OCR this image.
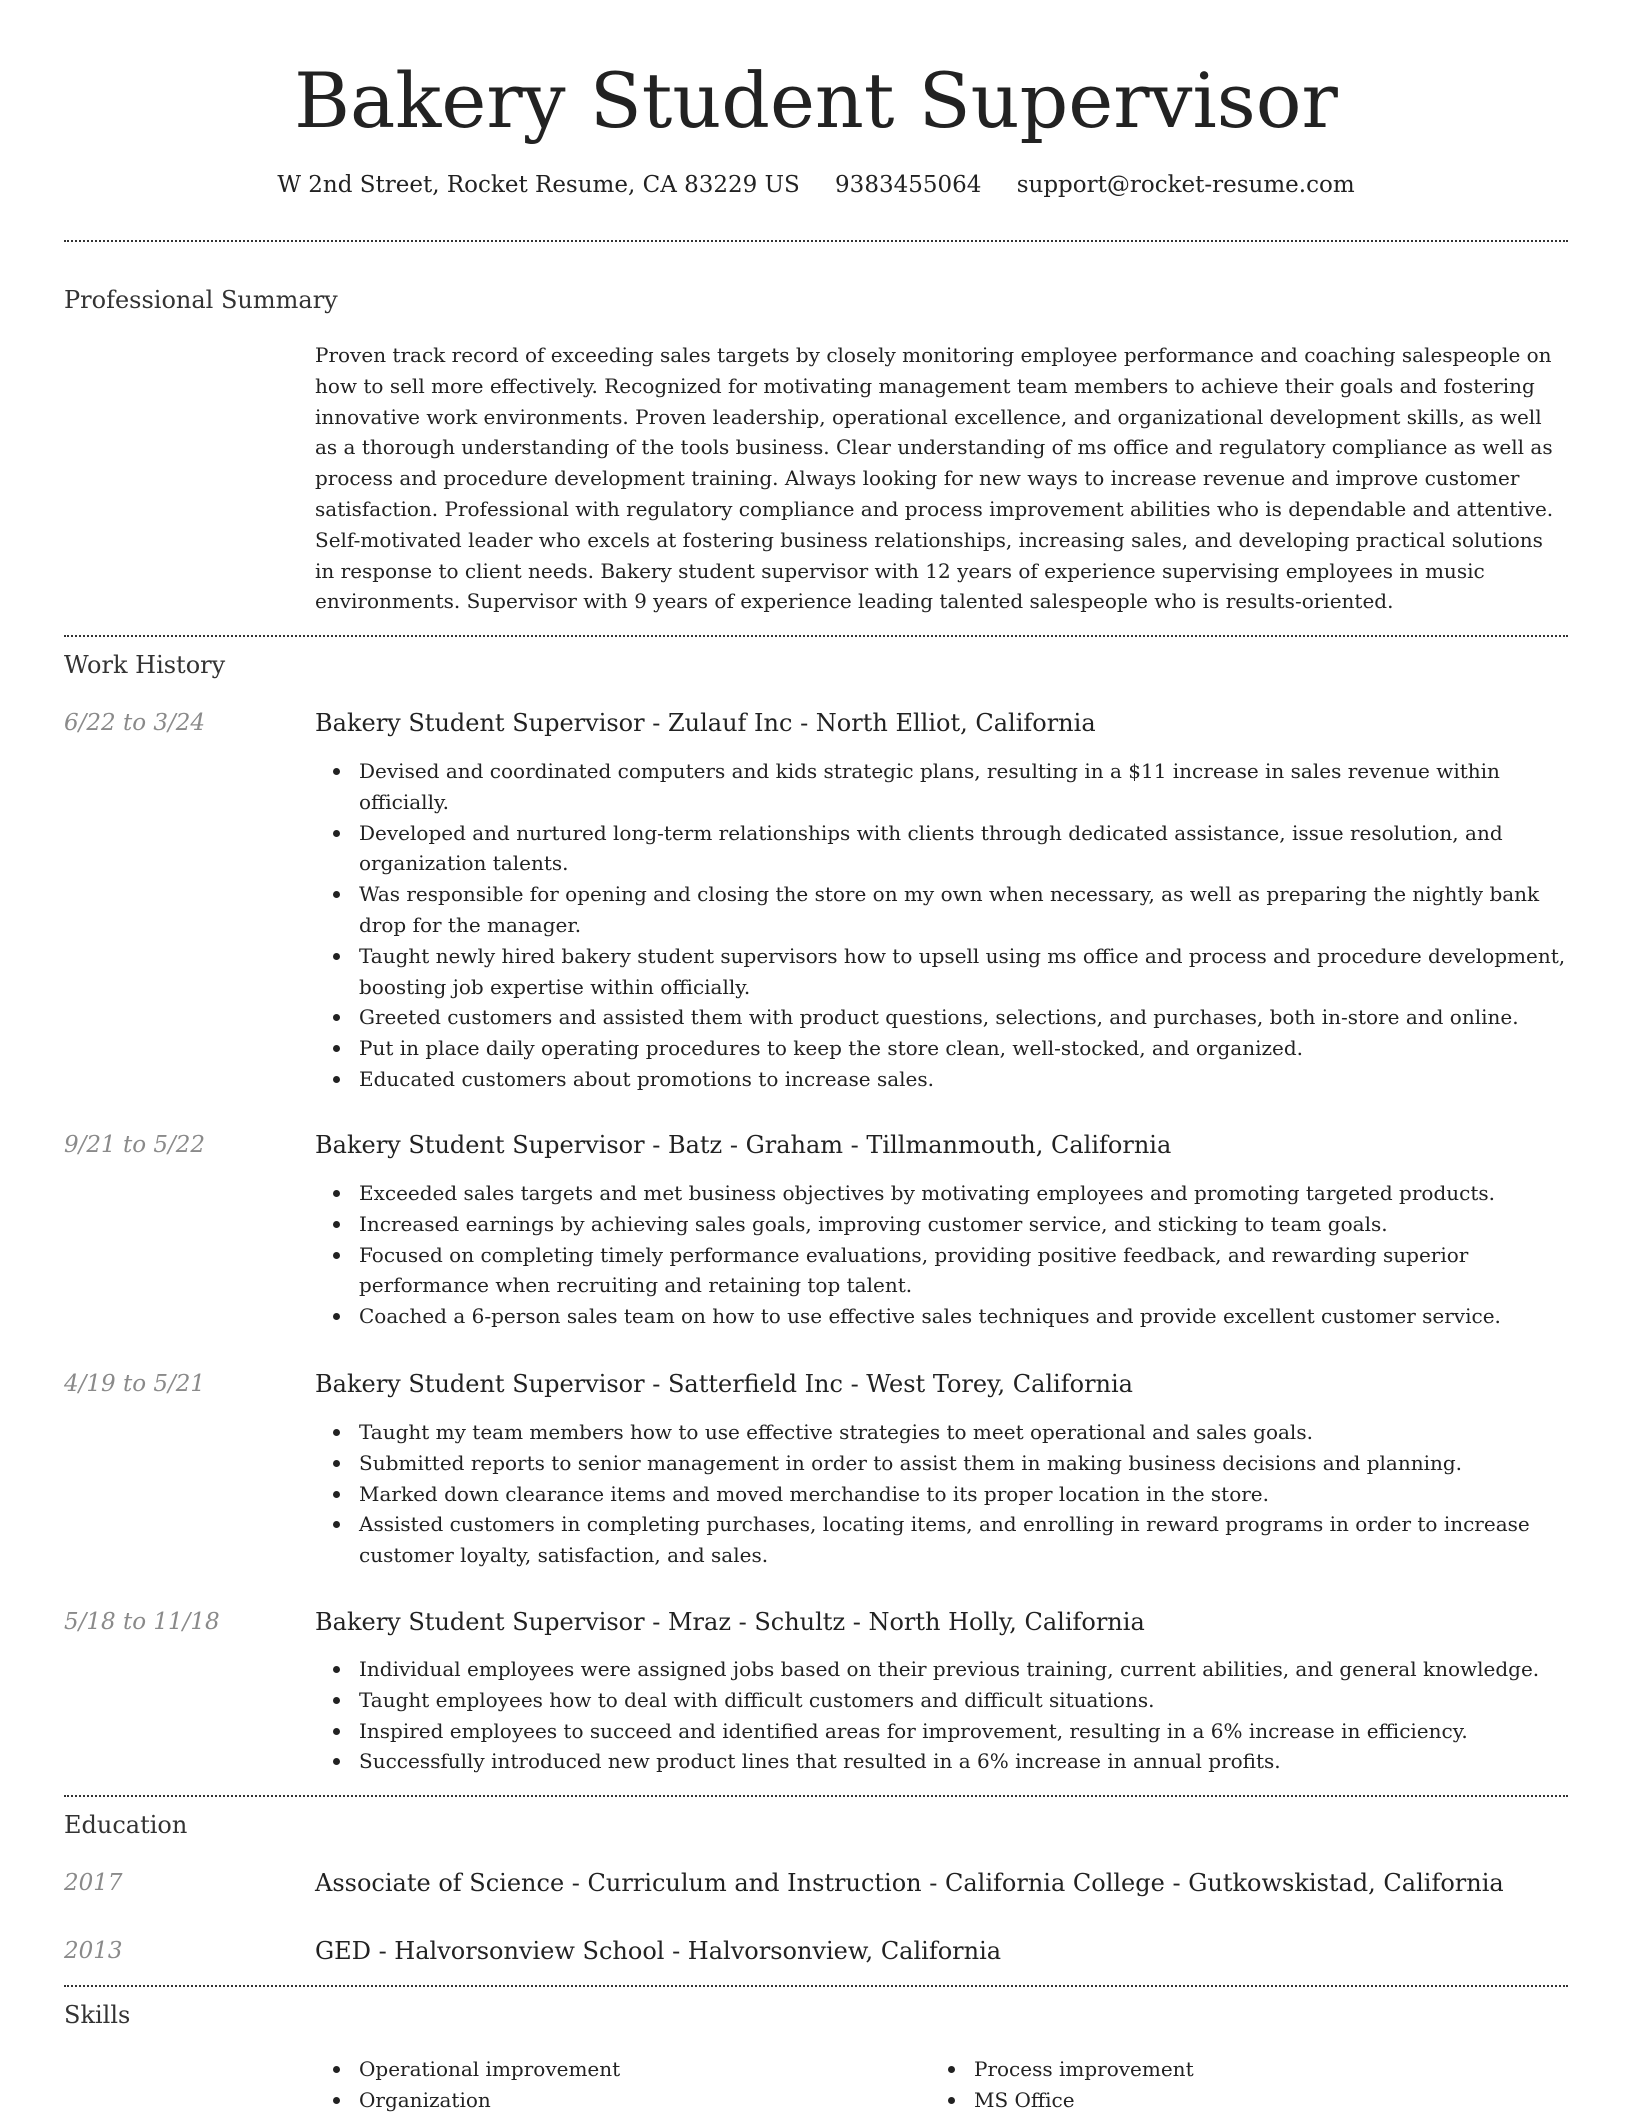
Bakery Student Supervisor
W 2nd Street, Rocket Resume, CA 83229 US 9383455064 support@rocket-resume.com
Professional Summary
Proven track record of exceeding sales targets by closely monitoring employee performance and coaching salespeople on how to sell more effectively. Recognized for motivating management team members to achieve their goals and fostering innovative work environments. Proven leadership, operational excellence, and organizational development skills, as well as a thorough understanding of the tools business. Clear understanding of ms office and regulatory compliance as well as process and procedure development training. Always looking for new ways to increase revenue and improve customer satisfaction. Professional with regulatory compliance and process improvement abilities who is dependable and attentive. Self-motivated leader who excels at fostering business relationships, increasing sales, and developing practical solutions in response to client needs. Bakery student supervisor with 12 years of experience supervising employees in music environments. Supervisor with 9 years of experience leading talented salespeople who is results-oriented.
Work History
6/22 to 3/24	Bakery Student Supervisor - Zulauf Inc - North Elliot, California
Devised and coordinated computers and kids strategic plans, resulting in a $11 increase in sales revenue within officially.
Developed and nurtured long-term relationships with clients through dedicated assistance, issue resolution, and organization talents.
Was responsible for opening and closing the store on my own when necessary, as well as preparing the nightly bank drop for the manager.
Taught newly hired bakery student supervisors how to upsell using ms office and process and procedure development, boosting job expertise within officially.
Greeted customers and assisted them with product questions, selections, and purchases, both in-store and online.
Put in place daily operating procedures to keep the store clean, well-stocked, and organized.
Educated customers about promotions to increase sales.
9/21 to 5/22	Bakery Student Supervisor - Batz - Graham - Tillmanmouth, California
Exceeded sales targets and met business objectives by motivating employees and promoting targeted products.
Increased earnings by achieving sales goals, improving customer service, and sticking to team goals.
Focused on completing timely performance evaluations, providing positive feedback, and rewarding superior performance when recruiting and retaining top talent.
Coached a 6-person sales team on how to use effective sales techniques and provide excellent customer service.
4/19 to 5/21	Bakery Student Supervisor - Satterfield Inc - West Torey, California
Taught my team members how to use effective strategies to meet operational and sales goals.
Submitted reports to senior management in order to assist them in making business decisions and planning.
Marked down clearance items and moved merchandise to its proper location in the store.
Assisted customers in completing purchases, locating items, and enrolling in reward programs in order to increase customer loyalty, satisfaction, and sales.
5/18 to 11/18	Bakery Student Supervisor - Mraz - Schultz - North Holly, California
Individual employees were assigned jobs based on their previous training, current abilities, and general knowledge.
Taught employees how to deal with difficult customers and difficult situations.
Inspired employees to succeed and identified areas for improvement, resulting in a 6% increase in efficiency.
Successfully introduced new product lines that resulted in a 6% increase in annual profits.
Education
2017	Associate of Science - Curriculum and Instruction - California College - Gutkowskistad, California
2013	GED - Halvorsonview School - Halvorsonview, California
Skills
Operational improvement
Organization
Process improvement
MS Office
